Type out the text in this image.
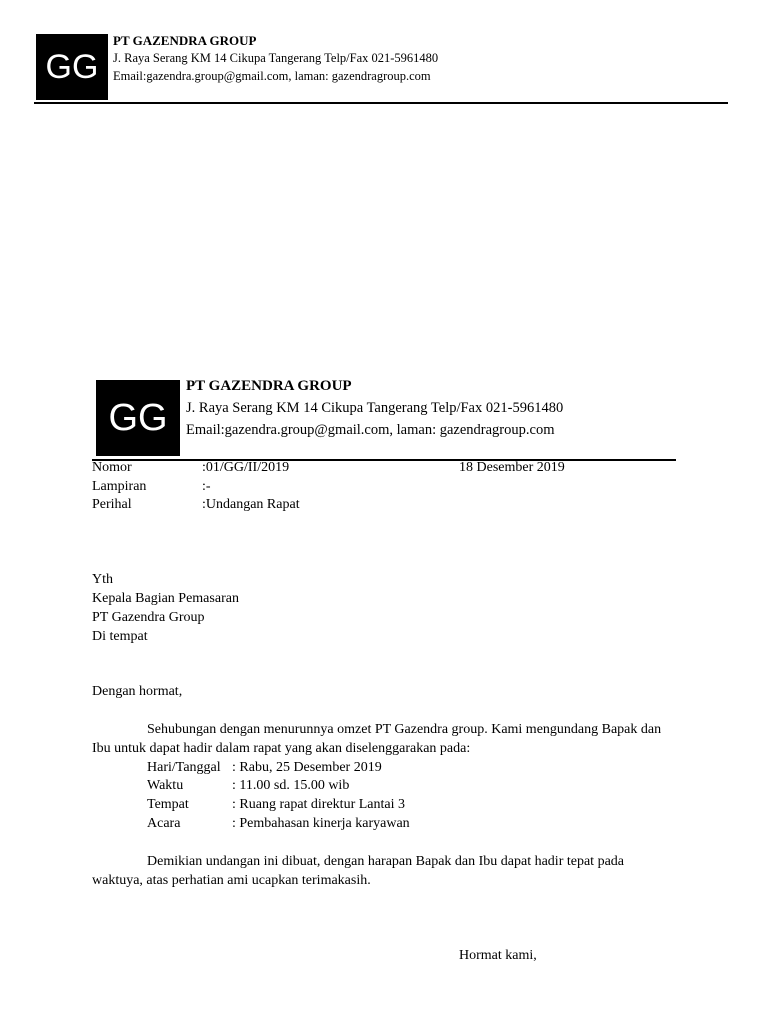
GG
PT GAZENDRA GROUP
J. Raya Serang KM 14 Cikupa Tangerang Telp/Fax 021-5961480
Email:gazendra.group@gmail.com, laman: gazendragroup.com
GG
PT GAZENDRA GROUP
J. Raya Serang KM 14 Cikupa Tangerang Telp/Fax 021-5961480
Email:gazendra.group@gmail.com, laman: gazendragroup.com
Nomor	:01/GG/II/2019	18 Desember 2019
Lampiran	:-
Perihal	:Undangan Rapat
Yth
Kepala Bagian Pemasaran
PT Gazendra Group
Di tempat
Dengan hormat,
Sehubungan dengan menurunnya omzet PT Gazendra group. Kami mengundang Bapak dan
Ibu untuk dapat hadir dalam rapat yang akan diselenggarakan pada:
Hari/Tanggal : Rabu, 25 Desember 2019
Waktu	: 11.00 sd. 15.00 wib
Tempat	: Ruang rapat direktur Lantai 3
Acara	: Pembahasan kinerja karyawan
Demikian undangan ini dibuat, dengan harapan Bapak dan Ibu dapat hadir tepat pada
waktuya, atas perhatian ami ucapkan terimakasih.
Hormat kami,
